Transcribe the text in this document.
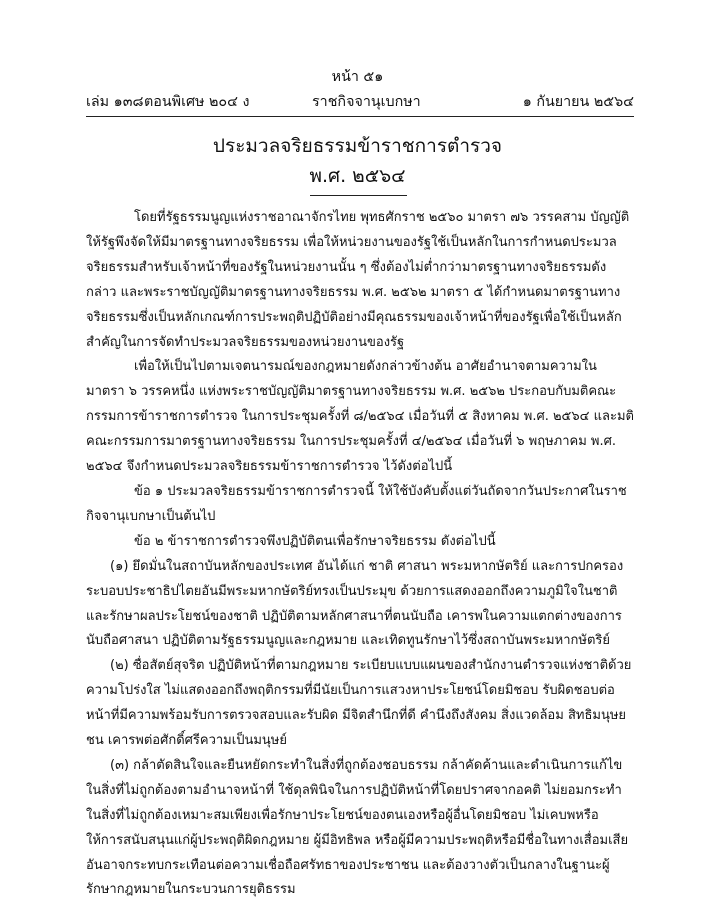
หน้า ๕๑
เล่ม ๑๓๘ ตอนพิเศษ ๒๐๔ ง	ราชกิจจานุเบกษา	๑ กันยายน ๒๕๖๔
ประมวลจริยธรรมข้าราชการตำรวจ
พ.ศ. ๒๕๖๔

โดยที่รัฐธรรมนูญแห่งราชอาณาจักรไทย พุทธศักราช ๒๕๖๐ มาตรา ๗๖ วรรคสาม บัญญัติให้รัฐพึงจัดให้มีมาตรฐานทางจริยธรรม เพื่อให้หน่วยงานของรัฐใช้เป็นหลักในการกำหนดประมวลจริยธรรมสำหรับเจ้าหน้าที่ของรัฐในหน่วยงานนั้น ๆ ซึ่งต้องไม่ต่ำกว่ามาตรฐานทางจริยธรรมดังกล่าว และพระราชบัญญัติมาตรฐานทางจริยธรรม พ.ศ. ๒๕๖๒ มาตรา ๕ ได้กำหนดมาตรฐานทางจริยธรรมซึ่งเป็นหลักเกณฑ์การประพฤติปฏิบัติอย่างมีคุณธรรมของเจ้าหน้าที่ของรัฐเพื่อใช้เป็นหลักสำคัญในการจัดทำประมวลจริยธรรมของหน่วยงานของรัฐ

เพื่อให้เป็นไปตามเจตนารมณ์ของกฎหมายดังกล่าวข้างต้น อาศัยอำนาจตามความในมาตรา ๖ วรรคหนึ่ง แห่งพระราชบัญญัติมาตรฐานทางจริยธรรม พ.ศ. ๒๕๖๒ ประกอบกับมติคณะกรรมการข้าราชการตำรวจ ในการประชุมครั้งที่ ๘/๒๕๖๔ เมื่อวันที่ ๕ สิงหาคม พ.ศ. ๒๕๖๔ และมติคณะกรรมการมาตรฐานทางจริยธรรม ในการประชุมครั้งที่ ๔/๒๕๖๔ เมื่อวันที่ ๖ พฤษภาคม พ.ศ. ๒๕๖๔ จึงกำหนดประมวลจริยธรรมข้าราชการตำรวจ ไว้ดังต่อไปนี้

ข้อ ๑ ประมวลจริยธรรมข้าราชการตำรวจนี้ ให้ใช้บังคับตั้งแต่วันถัดจากวันประกาศในราชกิจจานุเบกษาเป็นต้นไป

ข้อ ๒ ข้าราชการตำรวจพึงปฏิบัติตนเพื่อรักษาจริยธรรม ดังต่อไปนี้

(๑) ยึดมั่นในสถาบันหลักของประเทศ อันได้แก่ ชาติ ศาสนา พระมหากษัตริย์ และการปกครองระบอบประชาธิปไตยอันมีพระมหากษัตริย์ทรงเป็นประมุข ด้วยการแสดงออกถึงความภูมิใจในชาติ และรักษาผลประโยชน์ของชาติ ปฏิบัติตามหลักศาสนาที่ตนนับถือ เคารพในความแตกต่างของการนับถือศาสนา ปฏิบัติตามรัฐธรรมนูญและกฎหมาย และเทิดทูนรักษาไว้ซึ่งสถาบันพระมหากษัตริย์

(๒) ซื่อสัตย์สุจริต ปฏิบัติหน้าที่ตามกฎหมาย ระเบียบแบบแผนของสำนักงานตำรวจแห่งชาติด้วยความโปร่งใส ไม่แสดงออกถึงพฤติกรรมที่มีนัยเป็นการแสวงหาประโยชน์โดยมิชอบ รับผิดชอบต่อหน้าที่มีความพร้อมรับการตรวจสอบและรับผิด มีจิตสำนึกที่ดี คำนึงถึงสังคม สิ่งแวดล้อม สิทธิมนุษยชน เคารพต่อศักดิ์ศรีความเป็นมนุษย์

(๓) กล้าตัดสินใจและยืนหยัดกระทำในสิ่งที่ถูกต้องชอบธรรม กล้าคัดค้านและดำเนินการแก้ไขในสิ่งที่ไม่ถูกต้องตามอำนาจหน้าที่ ใช้ดุลพินิจในการปฏิบัติหน้าที่โดยปราศจากอคติ ไม่ยอมกระทำในสิ่งที่ไม่ถูกต้องเหมาะสมเพียงเพื่อรักษาประโยชน์ของตนเองหรือผู้อื่นโดยมิชอบ ไม่เคบพหรือให้การสนับสนุนแก่ผู้ประพฤติผิดกฎหมาย ผู้มีอิทธิพล หรือผู้มีความประพฤติหรือมีชื่อในทางเสื่อมเสีย อันอาจกระทบกระเทือนต่อความเชื่อถือศรัทธาของประชาชน และต้องวางตัวเป็นกลางในฐานะผู้รักษากฎหมายในกระบวนการยุติธรรม
